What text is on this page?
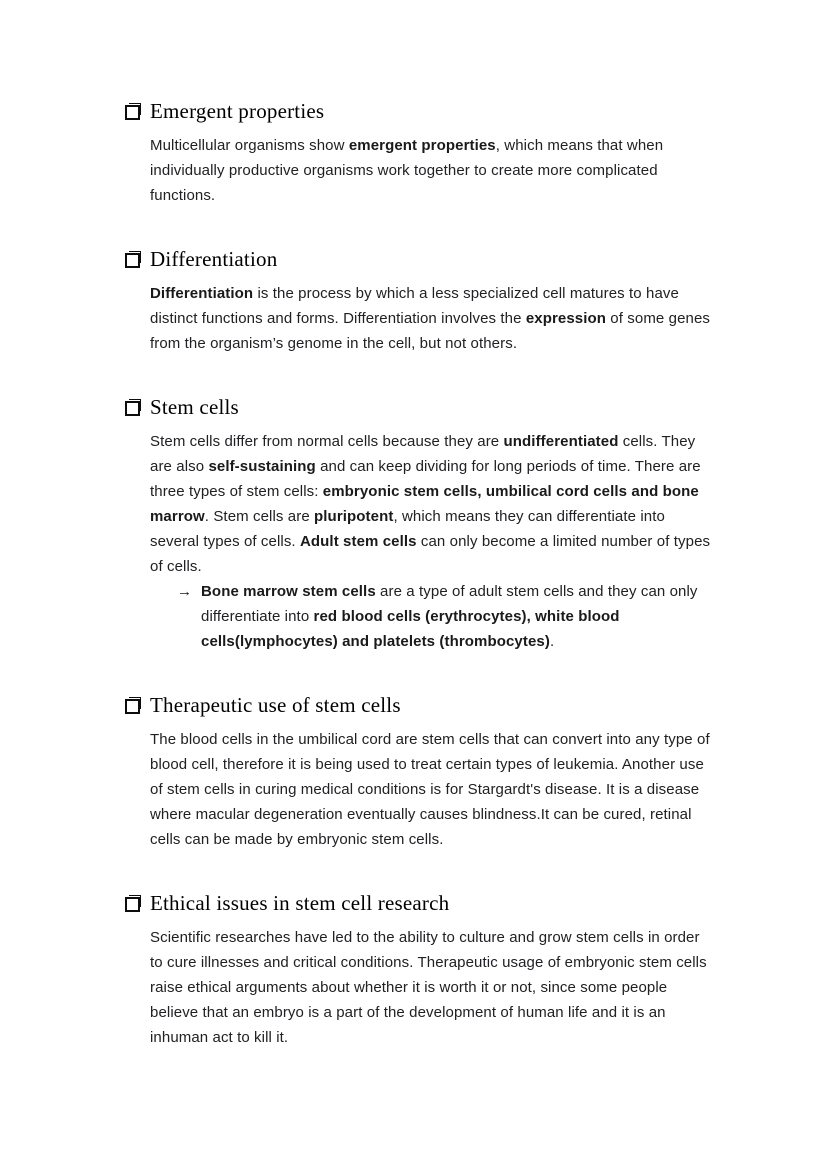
Emergent properties
Multicellular organisms show emergent properties, which means that when individually productive organisms work together to create more complicated functions.
Differentiation
Differentiation is the process by which a less specialized cell matures to have distinct functions and forms. Differentiation involves the expression of some genes from the organism’s genome in the cell, but not others.
Stem cells
Stem cells differ from normal cells because they are undifferentiated cells. They are also self-sustaining and can keep dividing for long periods of time. There are three types of stem cells: embryonic stem cells, umbilical cord cells and bone marrow. Stem cells are pluripotent, which means they can differentiate into several types of cells. Adult stem cells can only become a limited number of types of cells.
→ Bone marrow stem cells are a type of adult stem cells and they can only differentiate into red blood cells (erythrocytes), white blood cells(lymphocytes) and platelets (thrombocytes).
Therapeutic use of stem cells
The blood cells in the umbilical cord are stem cells that can convert into any type of blood cell, therefore it is being used to treat certain types of leukemia. Another use of stem cells in curing medical conditions is for Stargardt's disease. It is a disease where macular degeneration eventually causes blindness.It can be cured, retinal cells can be made by embryonic stem cells.
Ethical issues in stem cell research
Scientific researches have led to the ability to culture and grow stem cells in order to cure illnesses and critical conditions. Therapeutic usage of embryonic stem cells raise ethical arguments about whether it is worth it or not, since some people believe that an embryo is a part of the development of human life and it is an inhuman act to kill it.
